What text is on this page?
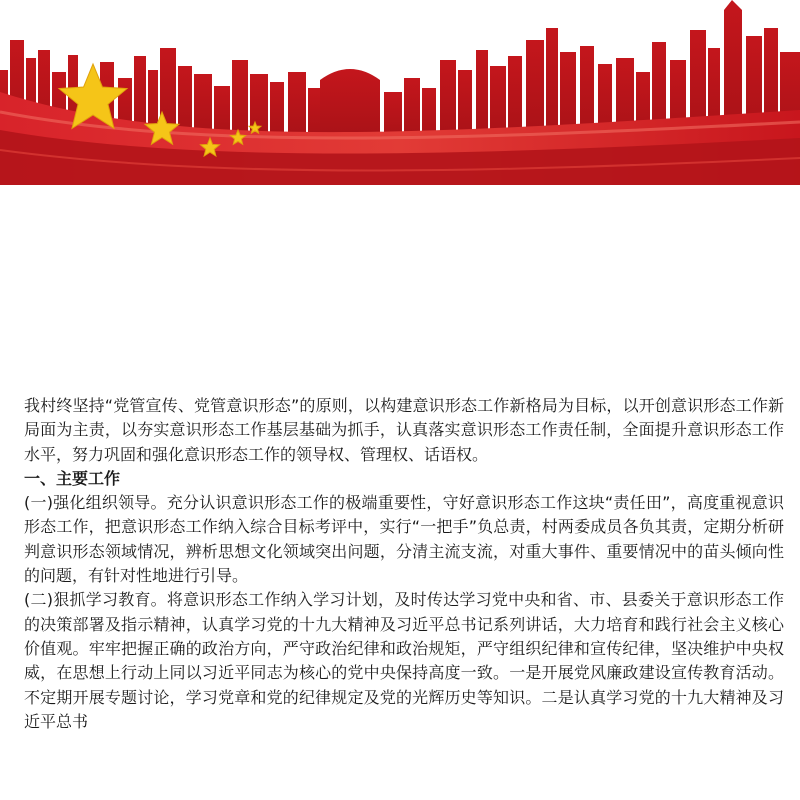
我村终坚持“党管宣传、党管意识形态”的原则，以构建意识形态工作新格局为目标，以开创意识形态工作新局面为主责，以夯实意识形态工作基层基础为抓手，认真落实意识形态工作责任制，全面提升意识形态工作水平，努力巩固和强化意识形态工作的领导权、管理权、话语权。

一、主要工作

(一)强化组织领导。充分认识意识形态工作的极端重要性，守好意识形态工作这块“责任田”，高度重视意识形态工作，把意识形态工作纳入综合目标考评中，实行“一把手”负总责，村两委成员各负其责，定期分析研判意识形态领域情况，辨析思想文化领域突出问题，分清主流支流，对重大事件、重要情况中的苗头倾向性的问题，有针对性地进行引导。

(二)狠抓学习教育。将意识形态工作纳入学习计划，及时传达学习党中央和省、市、县委关于意识形态工作的决策部署及指示精神，认真学习党的十九大精神及习近平总书记系列讲话，大力培育和践行社会主义核心价值观。牢牢把握正确的政治方向，严守政治纪律和政治规矩，严守组织纪律和宣传纪律，坚决维护中央权威，在思想上行动上同以习近平同志为核心的党中央保持高度一致。一是开展党风廉政建设宣传教育活动。不定期开展专题讨论，学习党章和党的纪律规定及党的光辉历史等知识。二是认真学习党的十九大精神及习近平总书
